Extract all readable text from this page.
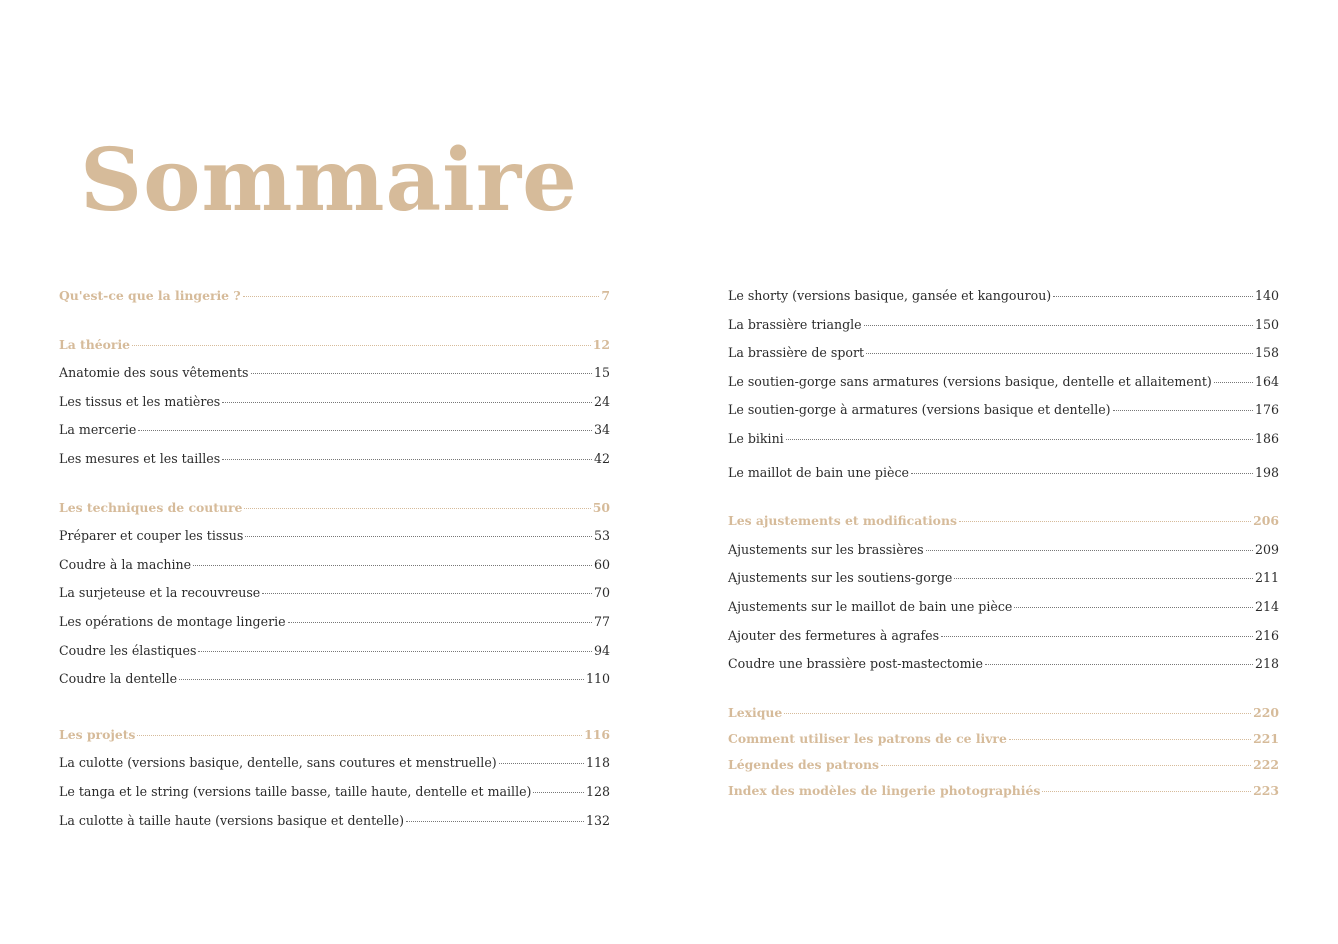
Sommaire
Qu'est-ce que la lingerie ?	7
La théorie	12
Anatomie des sous vêtements	15
Les tissus et les matières	24
La mercerie	34
Les mesures et les tailles	42
Les techniques de couture	50
Préparer et couper les tissus	53
Coudre à la machine	60
La surjeteuse et la recouvreuse	70
Les opérations de montage lingerie	77
Coudre les élastiques	94
Coudre la dentelle	110
Les projets	116
La culotte (versions basique, dentelle, sans coutures et menstruelle)	118
Le tanga et le string (versions taille basse, taille haute, dentelle et maille)	128
La culotte à taille haute (versions basique et dentelle)	132
Le shorty (versions basique, gansée et kangourou)	140
La brassière triangle	150
La brassière de sport	158
Le soutien-gorge sans armatures (versions basique, dentelle et allaitement)	164
Le soutien-gorge à armatures (versions basique et dentelle)	176
Le bikini	186
Le maillot de bain une pièce	198
Les ajustements et modifications	206
Ajustements sur les brassières	209
Ajustements sur les soutiens-gorge	211
Ajustements sur le maillot de bain une pièce	214
Ajouter des fermetures à agrafes	216
Coudre une brassière post-mastectomie	218
Lexique	220
Comment utiliser les patrons de ce livre	221
Légendes des patrons	222
Index des modèles de lingerie photographiés	223
